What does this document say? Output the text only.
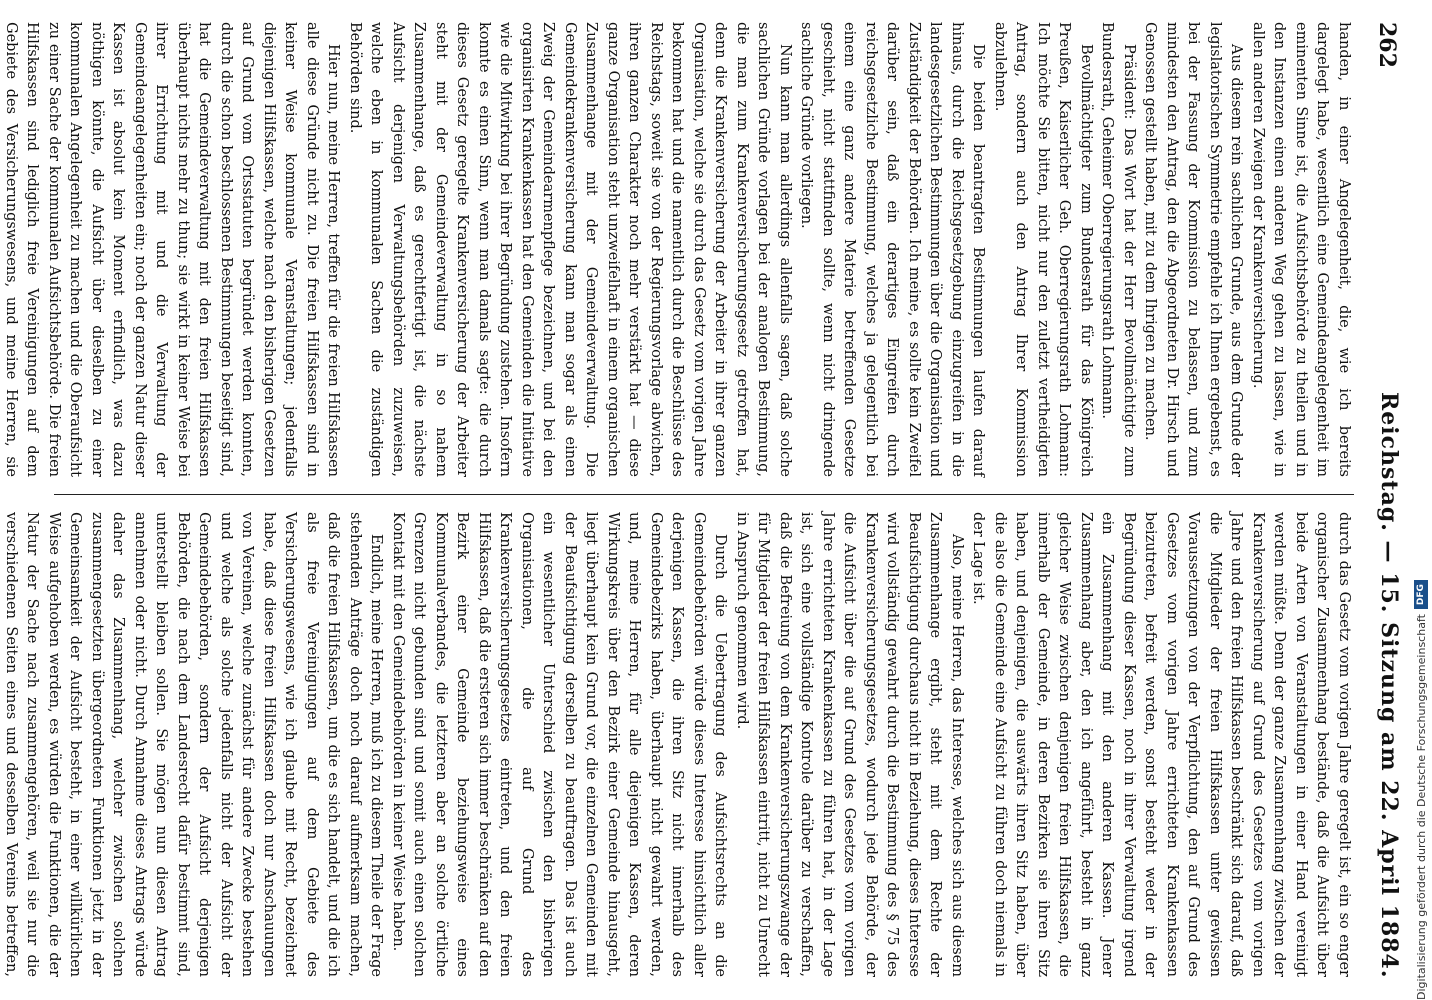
262
Reichstag. — 15. Sitzung am 22. April 1884.

handen, in einer Angelegenheit, die, wie ich bereits dargelegt habe, wesentlich eine Gemeindeangelegenheit im eminenten Sinne ist, die Aufsichtsbehörde zu theilen und in den Instanzen einen anderen Weg gehen zu lassen, wie in allen anderen Zweigen der Krankenversicherung.

Aus diesem rein sachlichen Grunde, aus dem Grunde der legislatorischen Symmetrie empfehle ich Ihnen ergebenst, es bei der Fassung der Kommission zu belassen, und zum mindesten den Antrag, den die Abgeordneten Dr. Hirsch und Genossen gestellt haben, mit zu dem Ihrigen zu machen.

Präsident: Das Wort hat der Herr Bevollmächtigte zum Bundesrath, Geheimer Oberregierungsrath Lohmann.

Bevollmächtigter zum Bundesrath für das Königreich Preußen, Kaiserlicher Geh. Oberregierungsrath Lohmann: Ich möchte Sie bitten, nicht nur den zuletzt vertheidigten Antrag, sondern auch den Antrag Ihrer Kommission abzulehnen.

Die beiden beantragten Bestimmungen laufen darauf hinaus, durch die Reichsgesetzgebung einzugreifen in die landesgesetzlichen Bestimmungen über die Organisation und Zuständigkeit der Behörden. Ich meine, es sollte kein Zweifel darüber sein, daß ein derartiges Eingreifen durch reichsgesetzliche Bestimmung, welches ja gelegentlich bei einem eine ganz andere Materie betreffenden Gesetze geschieht, nicht stattfinden sollte, wenn nicht dringende sachliche Gründe vorliegen.

Nun kann man allerdings allenfalls sagen, daß solche sachlichen Gründe vorlagen bei der analogen Bestimmung, die man zum Krankenversicherungsgesetz getroffen hat, denn die Krankenversicherung der Arbeiter in ihrer ganzen Organisation, welche sie durch das Gesetz vom vorigen Jahre bekommen hat und die namentlich durch die Beschlüsse des Reichstags, soweit sie von der Regierungsvorlage abwichen, ihren ganzen Charakter noch mehr verstärkt hat — diese ganze Organisation steht unzweifelhaft in einem organischen Zusammenhange mit der Gemeindeverwaltung. Die Gemeindekrankenversicherung kann man sogar als einen Zweig der Gemeindearmenpflege bezeichnen, und bei den organisirten Krankenkassen hat den Gemeinden die Initiative wie die Mitwirkung bei ihrer Begründung zustehen. Insofern konnte es einen Sinn, wenn man damals sagte: die durch dieses Gesetz geregelte Krankenversicherung der Arbeiter steht mit der Gemeindeverwaltung in so nahem Zusammenhange, daß es gerechtfertigt ist, die nächste Aufsicht derjenigen Verwaltungsbehörden zuzuweisen, welche eben in kommunalen Sachen die zuständigen Behörden sind.

Hier nun, meine Herren, treffen für die freien Hilfskassen alle diese Gründe nicht zu. Die freien Hilfskassen sind in keiner Weise kommunale Veranstaltungen; jedenfalls diejenigen Hilfskassen, welche nach den bisherigen Gesetzen auf Grund vom Ortsstatuten begründet werden konnten, durch die schon beschlossenen Bestimmungen beseitigt sind, hat die Gemeindeverwaltung mit den freien Hilfskassen überhaupt nichts mehr zu thun; sie wirkt in keiner Weise bei ihrer Errichtung mit und die Verwaltung der Gemeindeangelegenheiten ein; noch der ganzen Natur dieser Kassen ist absolut kein Moment erfindlich, was dazu nöthigen könnte, die Aufsicht über dieselben zu einer kommunalen Angelegenheit zu machen und die Oberaufsicht zu einer Sache der kommunalen Aufsichtsbehörde. Die freien Hilfskassen sind lediglich freie Vereinigungen auf dem Gebiete des Versicherungswesens, und meine Herren, sie

durch das Gesetz vom vorigen Jahre geregelt ist, ein so enger organischer Zusammenhang bestände, daß die Aufsicht über beide Arten von Veranstaltungen in einer Hand vereinigt werden müßte. Denn der ganze Zusammenhang zwischen der Krankenversicherung auf Grund des Gesetzes vom vorigen Jahre und den freien Hilfskassen beschränkt sich darauf, daß die Mitglieder der freien Hilfskassen unter gewissen Voraussetzungen von der Verpflichtung, den auf Grund des Gesetzes vom vorigen Jahre errichteten Krankenkassen beizutreten, befreit werden, sonst besteht weder in der Begründung dieser Kassen, noch in ihrer Verwaltung irgend ein Zusammenhang mit den anderen Kassen. Jener Zusammenhang aber, den ich angeführt, besteht in ganz gleicher Weise zwischen denjenigen freien Hilfskassen, die innerhalb der Gemeinde, in deren Bezirken sie ihren Sitz haben, und denjenigen, die auswärts ihren Sitz haben, über die also die Gemeinde eine Aufsicht zu führen doch niemals in der Lage ist.

Also, meine Herren, das Interesse, welches sich aus diesem Zusammenhange ergibt, steht mit dem Rechte der Beaufsichtigung durchaus nicht in Beziehung, dieses Interesse wird vollständig gewahrt durch die Bestimmung des § 75 des Krankenversicherungsgesetzes, wodurch jede Behörde, der die Aufsicht über die auf Grund des Gesetzes vom vorigen Jahre errichteten Krankenkassen zu führen hat, in der Lage ist, sich eine vollständige Kontrole darüber zu verschaffen, daß die Befreiung von dem Krankenversicherungszwange der für Mitglieder der freien Hilfskassen eintritt, nicht zu Unrecht in Anspruch genommen wird.

Durch die Uebertragung des Aufsichtsrechts an die Gemeindebehörden würde dieses Interesse hinsichtlich aller derjenigen Kassen, die ihren Sitz nicht innerhalb des Gemeindebezirks haben, überhaupt nicht gewahrt werden, und, meine Herren, für alle diejenigen Kassen, deren Wirkungskreis über den Bezirk einer Gemeinde hinausgeht, liegt überhaupt kein Grund vor, die einzelnen Gemeinden mit der Beaufsichtigung derselben zu beauftragen. Das ist auch ein wesentlicher Unterschied zwischen den bisherigen Organisationen, die auf Grund des Krankenversicherungsgesetzes eintreten, und den freien Hilfskassen, daß die ersteren sich immer beschränken auf den Bezirk einer Gemeinde beziehungsweise eines Kommunalverbandes, die letzteren aber an solche örtliche Grenzen nicht gebunden sind und somit auch einen solchen Kontakt mit den Gemeindebehörden in keiner Weise haben.

Endlich, meine Herren, muß ich zu diesem Theile der Frage stehenden Anträge doch noch darauf aufmerksam machen, daß die freien Hilfskassen, um die es sich handelt, und die ich als freie Vereinigungen auf dem Gebiete des Versicherungswesens, wie ich glaube mit Recht, bezeichnet habe, daß diese freien Hilfskassen doch nur Anschauungen von Vereinen, welche zunächst für andere Zwecke bestehen und welche als solche jedenfalls nicht der Aufsicht der Gemeindebehörden, sondern der Aufsicht derjenigen Behörden, die nach dem Landesrecht dafür bestimmt sind, unterstellt bleiben sollen. Sie mögen nun diesen Antrag annehmen oder nicht. Durch Annahme dieses Antrags würde daher das Zusammenhang, welcher zwischen solchen zusammengesetzten übergeordneten Funktionen jetzt in der Gemeinsamkeit der Aufsicht besteht, in einer willkürlichen Weise aufgehoben werden, es würden die Funktionen, die der Natur der Sache nach zusammengehören, weil sie nur die verschiedenen Seiten eines und desselben Vereins betreffen,	Digitalisierung gefördert durch die Deutsche Forschungsgemeinschaft
DFG
